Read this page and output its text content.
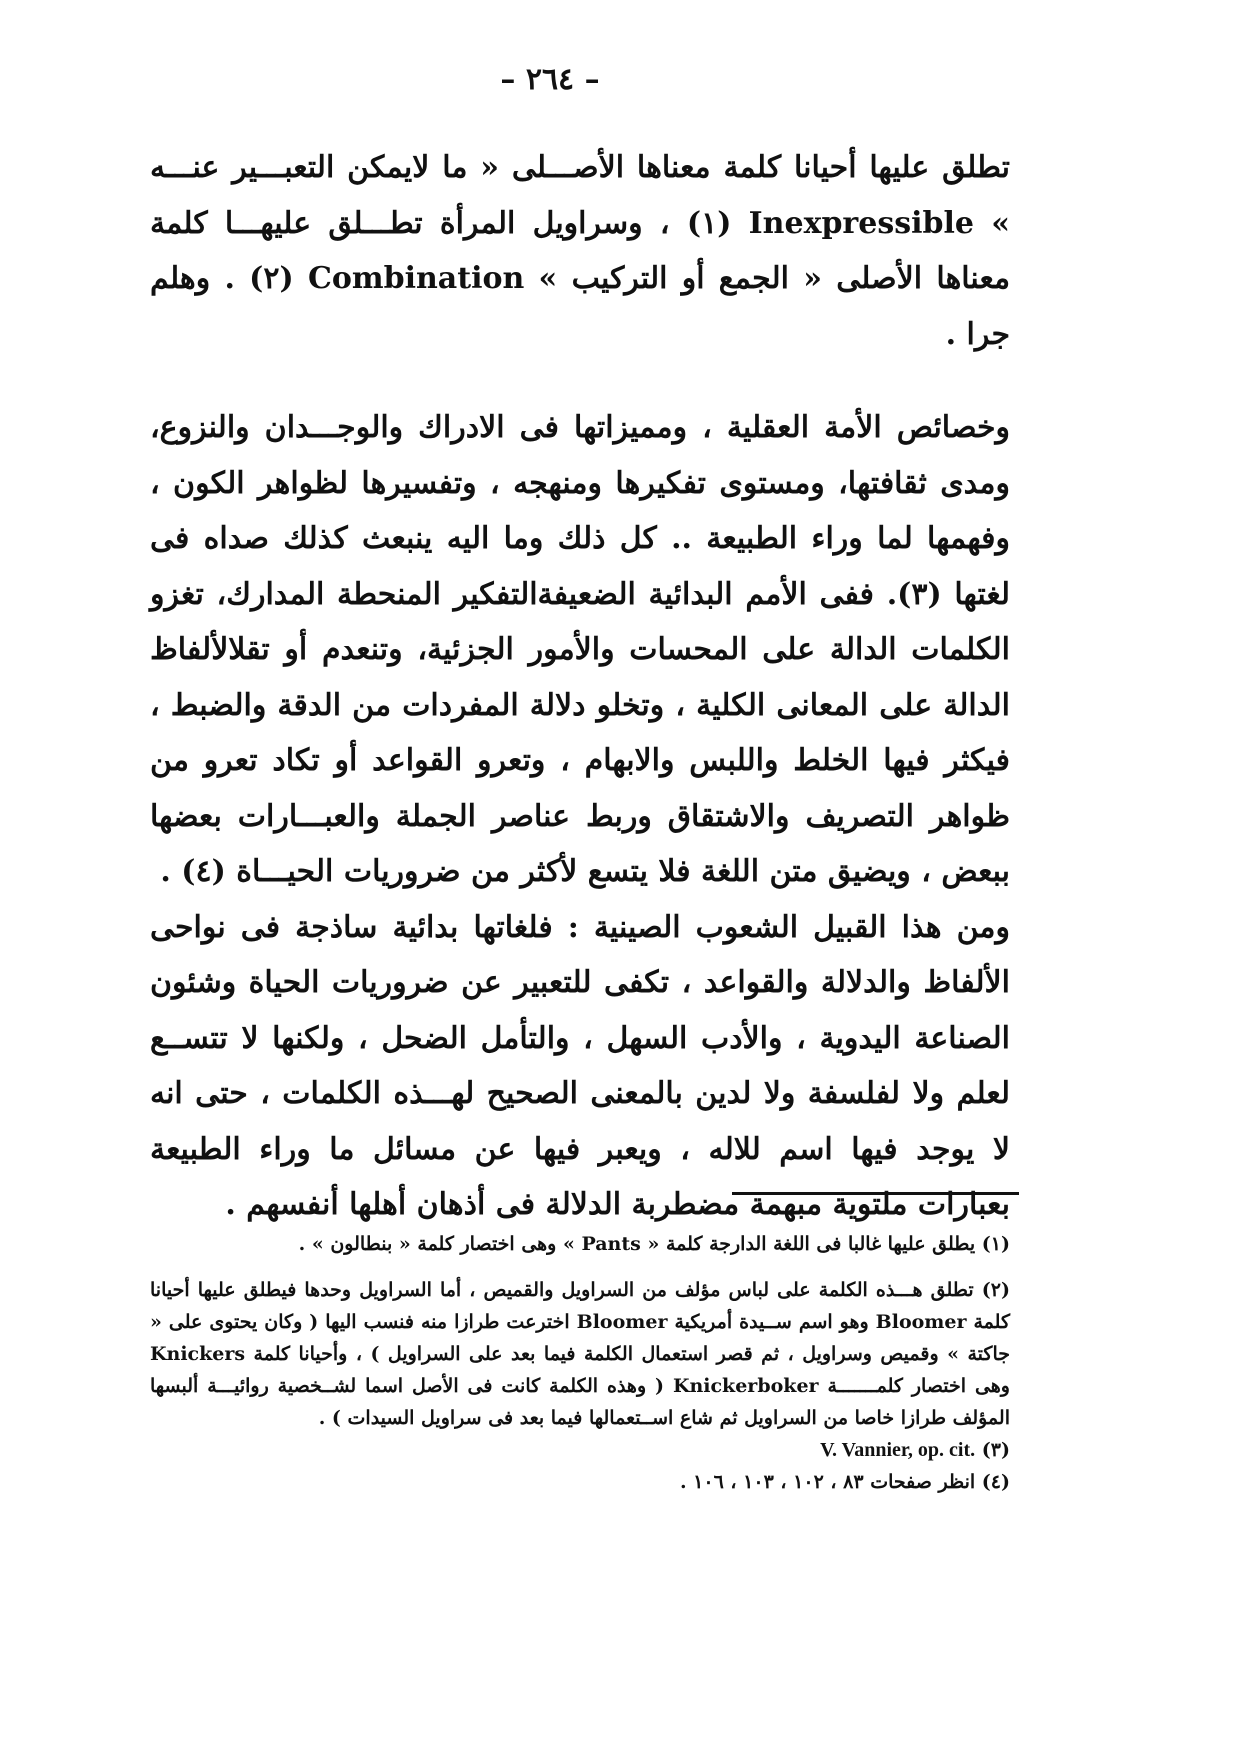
– ٢٦٤ –

تطلق عليها أحيانا كلمة معناها الأصـــلى « ما لايمكن التعبـــير عنـــه » Inexpressible (١) ، وسراويل المرأة تطـــلق عليهـــا كلمة معناها الأصلى « الجمع أو التركيب » Combination (٢) . وهلم جرا .

وخصائص الأمة العقلية ، ومميزاتها فى الادراك والوجـــدان والنزوع، ومدى ثقافتها، ومستوى تفكيرها ومنهجه ، وتفسيرها لظواهر الكون ، وفهمها لما وراء الطبيعة .. كل ذلك وما اليه ينبعث كذلك صداه فى لغتها (٣). ففى الأمم البدائية الضعيفةالتفكير المنحطة المدارك، تغزو الكلمات الدالة على المحسات والأمور الجزئية، وتنعدم أو تقلالألفاظ الدالة على المعانى الكلية ، وتخلو دلالة المفردات من الدقة والضبط ، فيكثر فيها الخلط واللبس والابهام ، وتعرو القواعد أو تكاد تعرو من ظواهر التصريف والاشتقاق وربط عناصر الجملة والعبـــارات بعضها ببعض ، ويضيق متن اللغة فلا يتسع لأكثر من ضروريات الحيـــاة (٤) .

ومن هذا القبيل الشعوب الصينية : فلغاتها بدائية ساذجة فى نواحى الألفاظ والدلالة والقواعد ، تكفى للتعبير عن ضروريات الحياة وشئون الصناعة اليدوية ، والأدب السهل ، والتأمل الضحل ، ولكنها لا تتســع لعلم ولا لفلسفة ولا لدين بالمعنى الصحيح لهـــذه الكلمات ، حتى انه لا يوجد فيها اسم للاله ، ويعبر فيها عن مسائل ما وراء الطبيعة بعبارات ملتوية مبهمة مضطربة الدلالة فى أذهان أهلها أنفسهم .

(١) يطلق عليها غالبا فى اللغة الدارجة كلمة « Pants » وهى اختصار كلمة « بنطالون » .

(٢) تطلق هـــذه الكلمة على لباس مؤلف من السراويل والقميص ، أما السراويل وحدها فيطلق عليها أحيانا كلمة Bloomer وهو اسم ســيدة أمريكية Bloomer اخترعت طرازا منه فنسب اليها ( وكان يحتوى على « جاكتة » وقميص وسراويل ، ثم قصر استعمال الكلمة فيما بعد على السراويل ) ، وأحيانا كلمة Knickers وهى اختصار كلمـــــــة Knickerboker ( وهذه الكلمة كانت فى الأصل اسما لشــخصية روائيـــة ألبسها المؤلف طرازا خاصا من السراويل ثم شاع اســتعمالها فيما بعد فى سراويل السيدات ) .

(٣) V. Vannier, op. cit.

(٤) انظر صفحات ٨٣ ، ١٠٢ ، ١٠٣ ، ١٠٦ .
